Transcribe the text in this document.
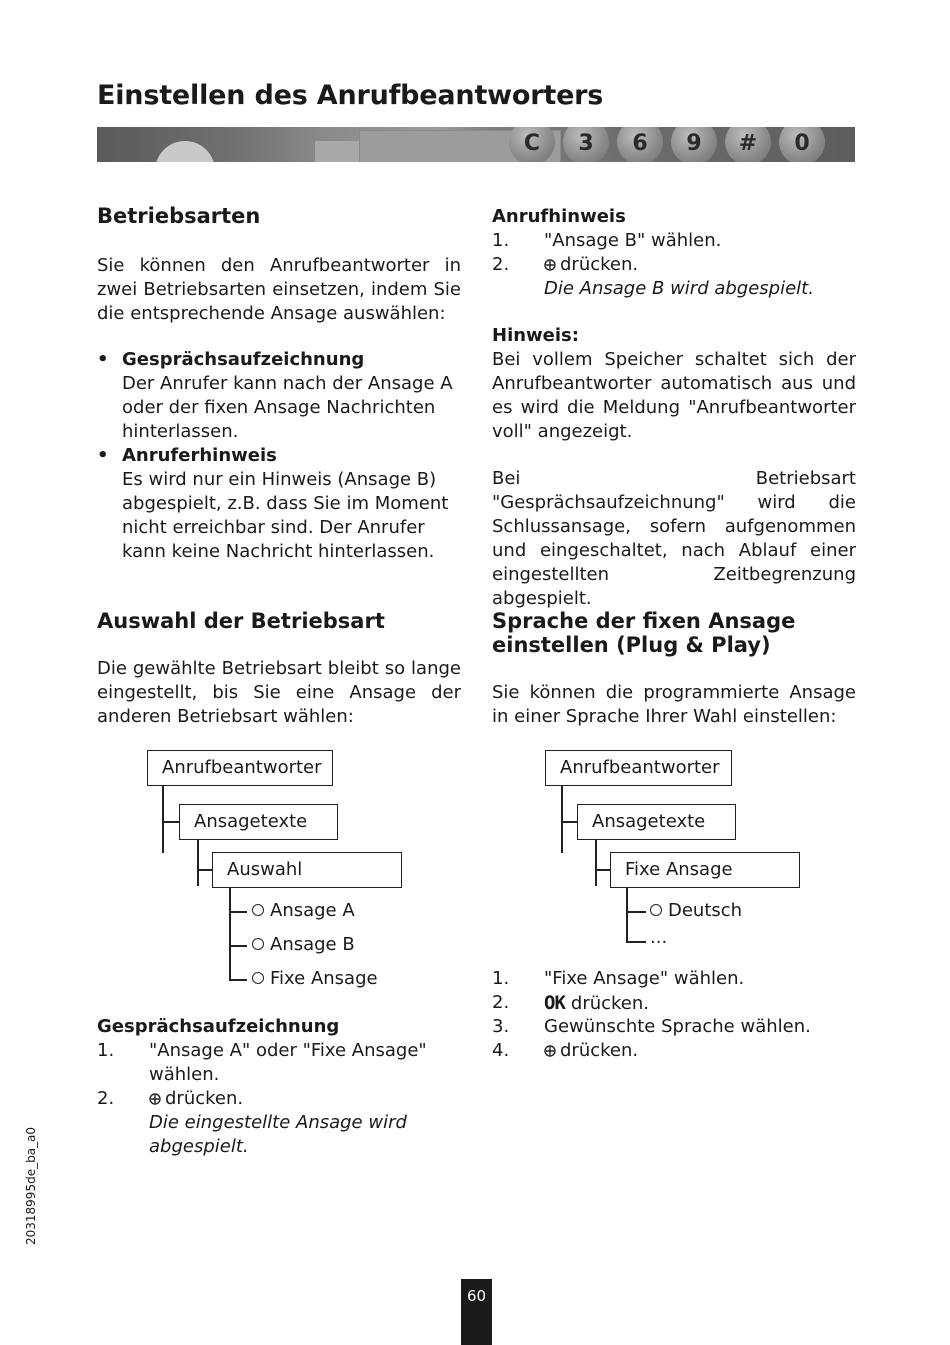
Einstellen des Anrufbeantworters
C	3	6	9	#	0
Betriebsarten
Sie können den Anrufbeantworter in zwei Betriebsarten einsetzen, indem Sie die entsprechende Ansage auswählen:
• Gesprächsaufzeichnung
Der Anrufer kann nach der Ansage A oder der fixen Ansage Nachrichten hinterlassen.
• Anruferhinweis
Es wird nur ein Hinweis (Ansage B) abgespielt, z.B. dass Sie im Moment nicht erreichbar sind. Der Anrufer kann keine Nachricht hinterlassen.
Auswahl der Betriebsart
Die gewählte Betriebsart bleibt so lange eingestellt, bis Sie eine Ansage der anderen Betriebsart wählen:
Anrufbeantworter
Ansagetexte
Auswahl
Ansage A
Ansage B
Fixe Ansage
Gesprächsaufzeichnung
1. "Ansage A" oder "Fixe Ansage"
wählen.
2.	drücken.
Die eingestellte Ansage wird
abgespielt.
Anrufhinweis
1. "Ansage B" wählen.
2.	drücken.
Die Ansage B wird abgespielt.
Hinweis:
Bei vollem Speicher schaltet sich der Anrufbeantworter automatisch aus und es wird die Meldung "Anrufbeantworter voll" angezeigt.
Bei Betriebsart "Gesprächsaufzeichnung" wird die Schlussansage, sofern aufgenommen und eingeschaltet, nach Ablauf einer eingestellten Zeitbegrenzung abgespielt.
Sprache der fixen Ansage
einstellen (Plug & Play)
Sie können die programmierte Ansage in einer Sprache Ihrer Wahl einstellen:
Anrufbeantworter
Ansagetexte
Fixe Ansage
Deutsch
...
1. "Fixe Ansage" wählen.
2. OK drücken.
3. Gewünschte Sprache wählen.
4.	drücken.
20318995de_ba_a0
60
